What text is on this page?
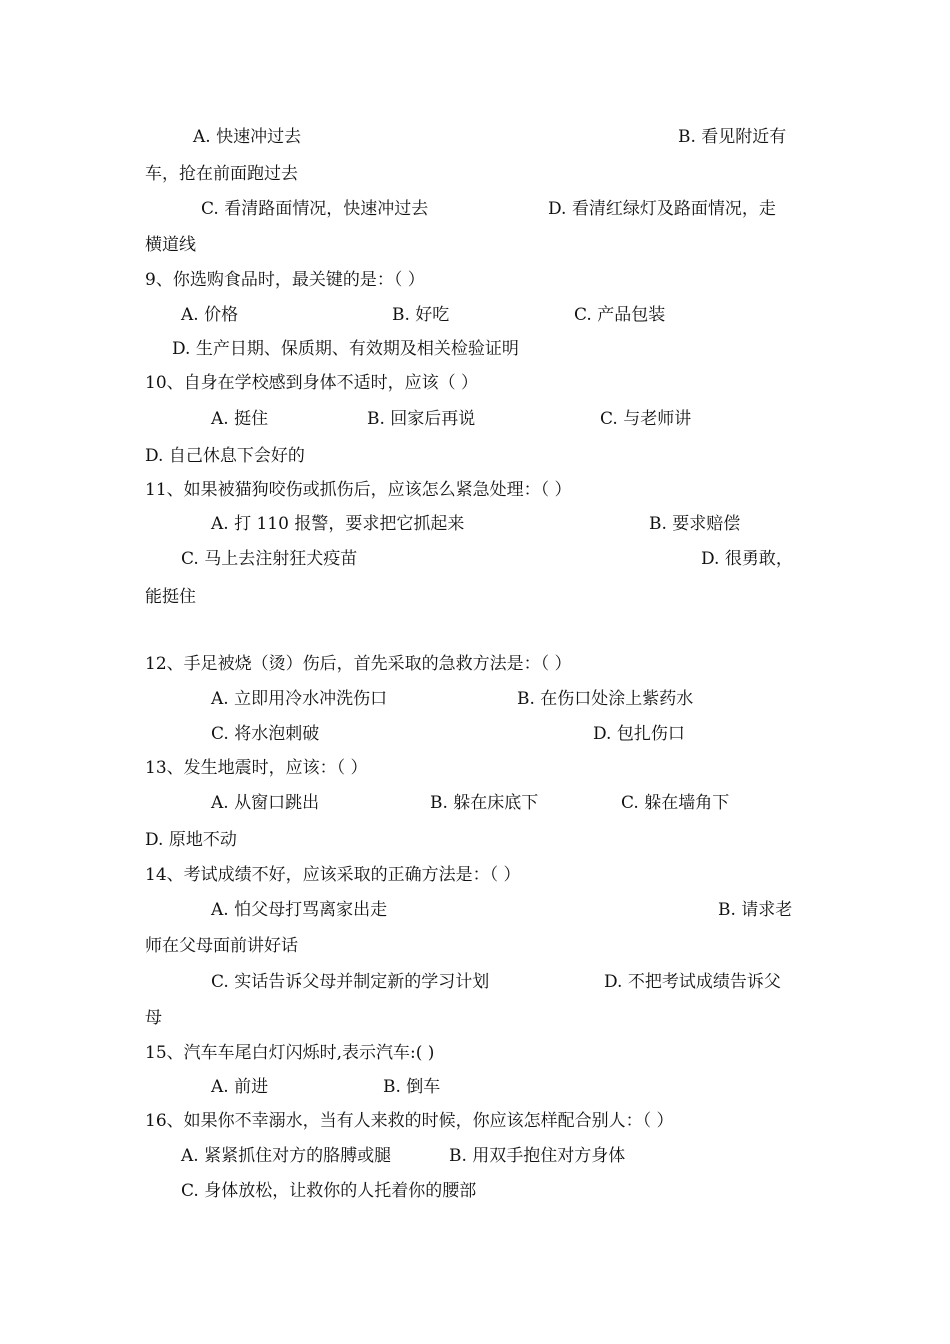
A. 快速冲过去	B. 看见附近有
车，抢在前面跑过去
C. 看清路面情况，快速冲过去	D. 看清红绿灯及路面情况，走
横道线
9、你选购食品时，最关键的是：（ ）
A. 价格	B. 好吃	C. 产品包装
D. 生产日期、保质期、有效期及相关检验证明
10、自身在学校感到身体不适时，应该（ ）
A. 挺住	B. 回家后再说	C. 与老师讲
D. 自己休息下会好的
11、如果被猫狗咬伤或抓伤后，应该怎么紧急处理：（ ）
A. 打 110 报警，要求把它抓起来	B. 要求赔偿
C. 马上去注射狂犬疫苗	D. 很勇敢，
能挺住
12、手足被烧（烫）伤后，首先采取的急救方法是：（ ）
A. 立即用冷水冲洗伤口	B. 在伤口处涂上紫药水
C. 将水泡刺破	D. 包扎伤口
13、发生地震时，应该：（ ）
A. 从窗口跳出	B. 躲在床底下	C. 躲在墙角下
D. 原地不动
14、考试成绩不好，应该采取的正确方法是：（ ）
A. 怕父母打骂离家出走	B. 请求老
师在父母面前讲好话
C. 实话告诉父母并制定新的学习计划	D. 不把考试成绩告诉父
母
15、汽车车尾白灯闪烁时,表示汽车:( )
A. 前进	B. 倒车
16、如果你不幸溺水，当有人来救的时候，你应该怎样配合别人：（ ）
A. 紧紧抓住对方的胳膊或腿	B. 用双手抱住对方身体
C. 身体放松，让救你的人托着你的腰部
